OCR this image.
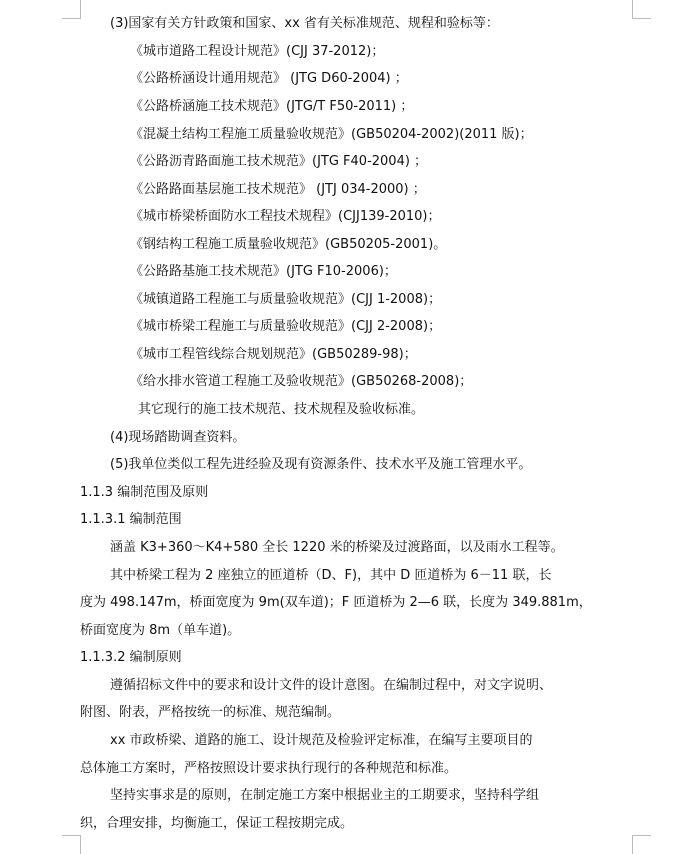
(3)国家有关方针政策和国家、xx 省有关标准规范、规程和验标等：
《城市道路工程设计规范》(CJJ 37-2012)；
《公路桥涵设计通用规范》 (JTG D60-2004) ；
《公路桥涵施工技术规范》(JTG/T F50-2011) ；
《混凝土结构工程施工质量验收规范》(GB50204-2002)(2011 版)；
《公路沥青路面施工技术规范》(JTG F40-2004) ；
《公路路面基层施工技术规范》 (JTJ 034-2000) ；
《城市桥梁桥面防水工程技术规程》(CJJ139-2010)；
《钢结构工程施工质量验收规范》(GB50205-2001)。
《公路路基施工技术规范》(JTG F10-2006)；
《城镇道路工程施工与质量验收规范》(CJJ 1-2008)；
《城市桥梁工程施工与质量验收规范》(CJJ 2-2008)；
《城市工程管线综合规划规范》(GB50289-98)；
《给水排水管道工程施工及验收规范》(GB50268-2008)；
其它现行的施工技术规范、技术规程及验收标准。
(4)现场踏勘调查资料。
(5)我单位类似工程先进经验及现有资源条件、技术水平及施工管理水平。
1.1.3 编制范围及原则
1.1.3.1 编制范围
涵盖 K3+360～K4+580 全长 1220 米的桥梁及过渡路面，以及雨水工程等。
其中桥梁工程为 2 座独立的匝道桥（D、F)，其中 D 匝道桥为 6－11 联，长
度为 498.147m，桥面宽度为 9m(双车道)；F 匝道桥为 2—6 联，长度为 349.881m，
桥面宽度为 8m（单车道)。
1.1.3.2 编制原则
遵循招标文件中的要求和设计文件的设计意图。在编制过程中，对文字说明、
附图、附表，严格按统一的标准、规范编制。
xx 市政桥梁、道路的施工、设计规范及检验评定标准，在编写主要项目的
总体施工方案时，严格按照设计要求执行现行的各种规范和标准。
坚持实事求是的原则，在制定施工方案中根据业主的工期要求，坚持科学组
织，合理安排，均衡施工，保证工程按期完成。
